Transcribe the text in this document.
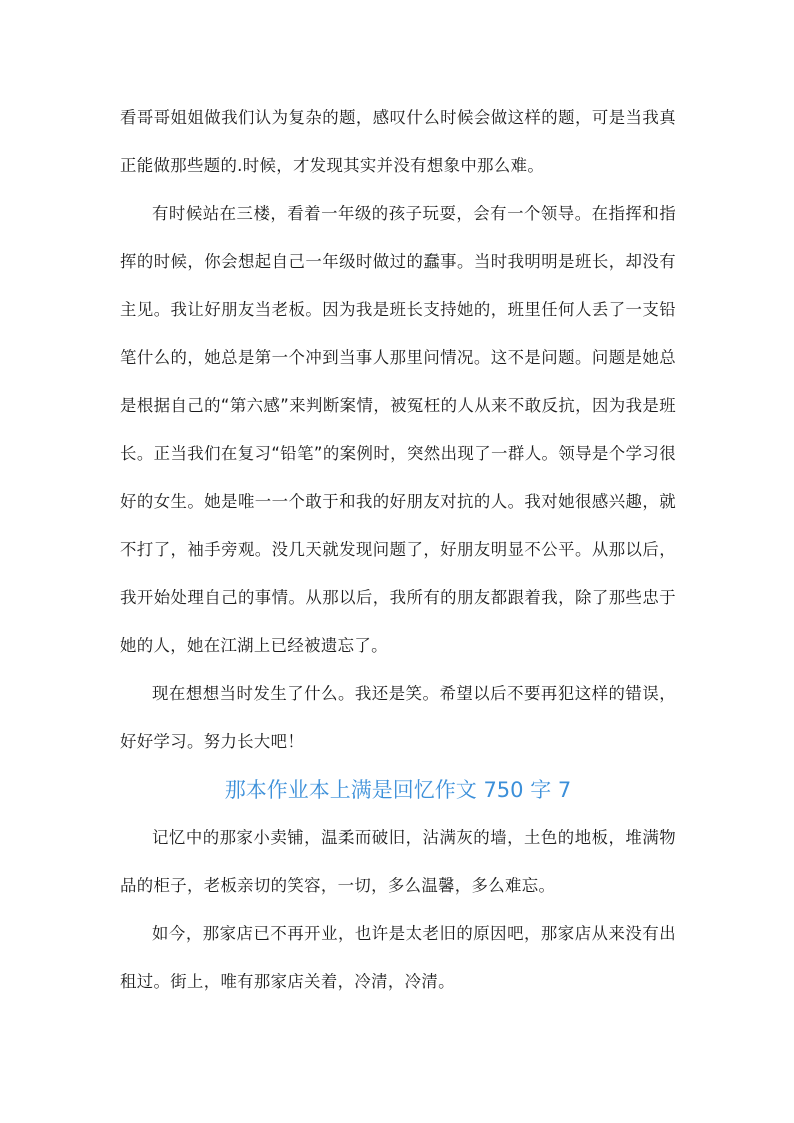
看哥哥姐姐做我们认为复杂的题，感叹什么时候会做这样的题，可是当我真正能做那些题的.时候，才发现其实并没有想象中那么难。

有时候站在三楼，看着一年级的孩子玩耍，会有一个领导。在指挥和指挥的时候，你会想起自己一年级时做过的蠢事。当时我明明是班长，却没有主见。我让好朋友当老板。因为我是班长支持她的，班里任何人丢了一支铅笔什么的，她总是第一个冲到当事人那里问情况。这不是问题。问题是她总是根据自己的“第六感”来判断案情，被冤枉的人从来不敢反抗，因为我是班长。正当我们在复习“铅笔”的案例时，突然出现了一群人。领导是个学习很好的女生。她是唯一一个敢于和我的好朋友对抗的人。我对她很感兴趣，就不打了，袖手旁观。没几天就发现问题了，好朋友明显不公平。从那以后，我开始处理自己的事情。从那以后，我所有的朋友都跟着我，除了那些忠于她的人，她在江湖上已经被遗忘了。

现在想想当时发生了什么。我还是笑。希望以后不要再犯这样的错误，好好学习。努力长大吧！

那本作业本上满是回忆作文 750 字 7

记忆中的那家小卖铺，温柔而破旧，沾满灰的墙，土色的地板，堆满物品的柜子，老板亲切的笑容，一切，多么温馨，多么难忘。

如今，那家店已不再开业，也许是太老旧的原因吧，那家店从来没有出租过。街上，唯有那家店关着，冷清，冷清。
